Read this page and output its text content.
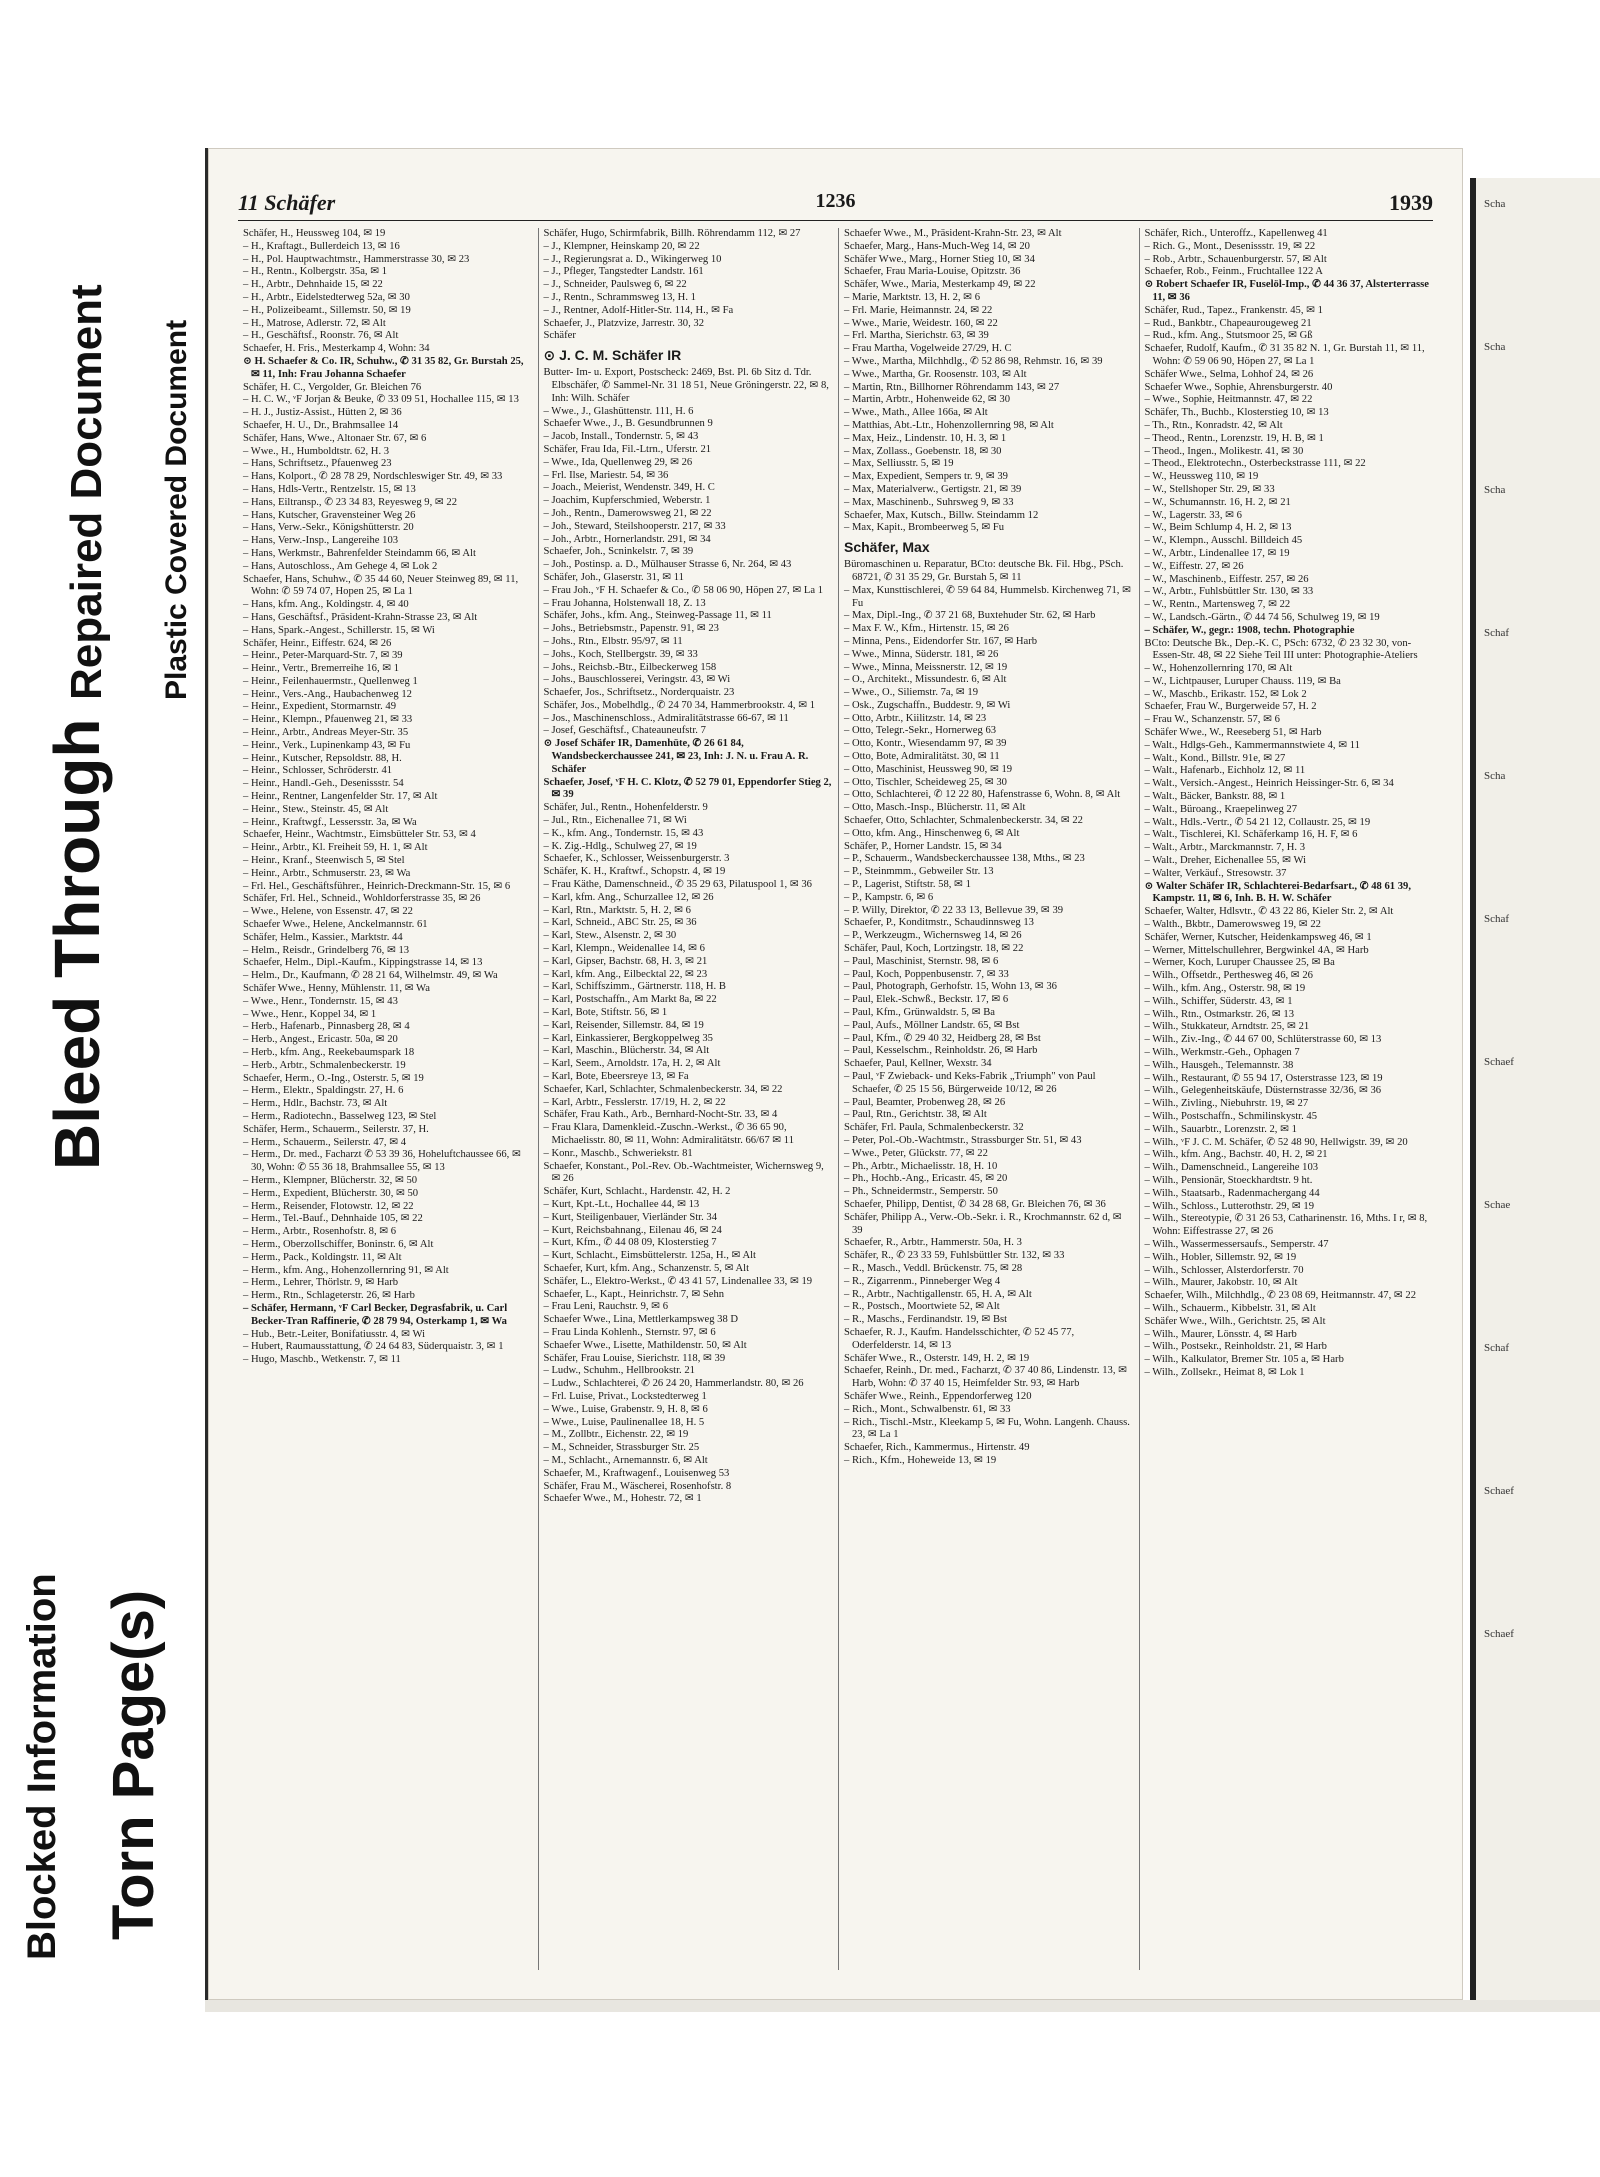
Blocked Information Torn Page(s)
Bleed Through
Repaired Document Plastic Covered Document
11 Schäfer	1236	1939

Schäfer, H., Heussweg 104, ✉ 19

– H., Kraftagt., Bullerdeich 13, ✉ 16

– H., Pol. Hauptwachtmstr., Hammerstrasse 30, ✉ 23

– H., Rentn., Kolbergstr. 35a, ✉ 1

– H., Arbtr., Dehnhaide 15, ✉ 22

– H., Arbtr., Eidelstedterweg 52a, ✉ 30

– H., Polizeibeamt., Sillemstr. 50, ✉ 19

– H., Matrose, Adlerstr. 72, ✉ Alt

– H., Geschäftsf., Roonstr. 76, ✉ Alt

Schaefer, H. Fris., Mesterkamp 4, Wohn: 34

⊙ H. Schaefer & Co. IR, Schuhw., ✆ 31 35 82, Gr. Burstah 25, ✉ 11, Inh: Frau Johanna Schaefer

Schäfer, H. C., Vergolder, Gr. Bleichen 76

– H. C. W., ᵛF Jorjan & Beuke, ✆ 33 09 51, Hochallee 115, ✉ 13

– H. J., Justiz-Assist., Hütten 2, ✉ 36

Schaefer, H. U., Dr., Brahmsallee 14

Schäfer, Hans, Wwe., Altonaer Str. 67, ✉ 6

– Wwe., H., Humboldtstr. 62, H. 3

– Hans, Schriftsetz., Pfauenweg 23

– Hans, Kolport., ✆ 28 78 29, Nordschleswiger Str. 49, ✉ 33

– Hans, Hdls-Vertr., Rentzelstr. 15, ✉ 13

– Hans, Eiltransp., ✆ 23 34 83, Reyesweg 9, ✉ 22

– Hans, Kutscher, Gravensteiner Weg 26

– Hans, Verw.-Sekr., Königshütterstr. 20

– Hans, Verw.-Insp., Langereihe 103

– Hans, Werkmstr., Bahrenfelder Steindamm 66, ✉ Alt

– Hans, Autoschloss., Am Gehege 4, ✉ Lok 2

Schaefer, Hans, Schuhw., ✆ 35 44 60, Neuer Steinweg 89, ✉ 11, Wohn: ✆ 59 74 07, Hopen 25, ✉ La 1

– Hans, kfm. Ang., Koldingstr. 4, ✉ 40

– Hans, Geschäftsf., Präsident-Krahn-Strasse 23, ✉ Alt

– Hans, Spark.-Angest., Schillerstr. 15, ✉ Wi

Schäfer, Heinr., Eiffestr. 624, ✉ 26

– Heinr., Peter-Marquard-Str. 7, ✉ 39

– Heinr., Vertr., Bremerreihe 16, ✉ 1

– Heinr., Feilenhauermstr., Quellenweg 1

– Heinr., Vers.-Ang., Haubachenweg 12

– Heinr., Expedient, Stormarnstr. 49

– Heinr., Klempn., Pfauenweg 21, ✉ 33

– Heinr., Arbtr., Andreas Meyer-Str. 35

– Heinr., Verk., Lupinenkamp 43, ✉ Fu

– Heinr., Kutscher, Repsoldstr. 88, H.

– Heinr., Schlosser, Schröderstr. 41

– Heinr., Handl.-Geh., Desenissstr. 54

– Heinr., Rentner, Langenfelder Str. 17, ✉ Alt

– Heinr., Stew., Steinstr. 45, ✉ Alt

– Heinr., Kraftwgf., Lessersstr. 3a, ✉ Wa

Schaefer, Heinr., Wachtmstr., Eimsbütteler Str. 53, ✉ 4

– Heinr., Arbtr., Kl. Freiheit 59, H. 1, ✉ Alt

– Heinr., Kranf., Steenwisch 5, ✉ Stel

– Heinr., Arbtr., Schmuserstr. 23, ✉ Wa

– Frl. Hel., Geschäftsführer., Heinrich-Dreckmann-Str. 15, ✉ 6

Schäfer, Frl. Hel., Schneid., Wohldorferstrasse 35, ✉ 26

– Wwe., Helene, von Essenstr. 47, ✉ 22

Schaefer Wwe., Helene, Anckelmannstr. 61

Schäfer, Helm., Kassier., Marktstr. 44

– Helm., Reisdr., Grindelberg 76, ✉ 13

Schaefer, Helm., Dipl.-Kaufm., Kippingstrasse 14, ✉ 13

– Helm., Dr., Kaufmann, ✆ 28 21 64, Wilhelmstr. 49, ✉ Wa

Schäfer Wwe., Henny, Mühlenstr. 11, ✉ Wa

– Wwe., Henr., Tondernstr. 15, ✉ 43

– Wwe., Henr., Koppel 34, ✉ 1

– Herb., Hafenarb., Pinnasberg 28, ✉ 4

– Herb., Angest., Ericastr. 50a, ✉ 20

– Herb., kfm. Ang., Reekebaumspark 18

– Herb., Arbtr., Schmalenbeckerstr. 19

Schaefer, Herm., O.-Ing., Osterstr. 5, ✉ 19

– Herm., Elektr., Spaldingstr. 27, H. 6

– Herm., Hdlr., Bachstr. 73, ✉ Alt

– Herm., Radiotechn., Basselweg 123, ✉ Stel

Schäfer, Herm., Schauerm., Seilerstr. 37, H.

– Herm., Schauerm., Seilerstr. 47, ✉ 4

– Herm., Dr. med., Facharzt ✆ 53 39 36, Hoheluftchaussee 66, ✉ 30, Wohn: ✆ 55 36 18, Brahmsallee 55, ✉ 13

– Herm., Klempner, Blücherstr. 32, ✉ 50

– Herm., Expedient, Blücherstr. 30, ✉ 50

– Herm., Reisender, Flotowstr. 12, ✉ 22

– Herm., Tel.-Bauf., Dehnhaide 105, ✉ 22

– Herm., Arbtr., Rosenhofstr. 8, ✉ 6

– Herm., Oberzollschiffer, Boninstr. 6, ✉ Alt

– Herm., Pack., Koldingstr. 11, ✉ Alt

– Herm., kfm. Ang., Hohenzollernring 91, ✉ Alt

– Herm., Lehrer, Thörlstr. 9, ✉ Harb

– Herm., Rtn., Schlageterstr. 26, ✉ Harb

– Schäfer, Hermann, ᵛF Carl Becker, Degrasfabrik, u. Carl Becker-Tran Raffinerie, ✆ 28 79 94, Osterkamp 1, ✉ Wa

– Hub., Betr.-Leiter, Bonifatiusstr. 4, ✉ Wi

– Hubert, Raumausstattung, ✆ 24 64 83, Süderquaistr. 3, ✉ 1

– Hugo, Maschb., Wetkenstr. 7, ✉ 11

Schäfer, Hugo, Schirmfabrik, Billh. Röhrendamm 112, ✉ 27

– J., Klempner, Heinskamp 20, ✉ 22

– J., Regierungsrat a. D., Wikingerweg 10

– J., Pfleger, Tangstedter Landstr. 161

– J., Schneider, Paulsweg 6, ✉ 22

– J., Rentn., Schrammsweg 13, H. 1

– J., Rentner, Adolf-Hitler-Str. 114, H., ✉ Fa

Schaefer, J., Platzvize, Jarrestr. 30, 32

Schäfer

⊙ J. C. M. Schäfer IR

Butter- Im- u. Export, Postscheck: 2469, Bst. Pl. 6b Sitz d. Tdr. Elbschäfer, ✆ Sammel-Nr. 31 18 51, Neue Gröningerstr. 22, ✉ 8, Inh: Wilh. Schäfer

– Wwe., J., Glashüttenstr. 111, H. 6

Schaefer Wwe., J., B. Gesundbrunnen 9

– Jacob, Install., Tondernstr. 5, ✉ 43

Schäfer, Frau Ida, Fil.-Ltrn., Uferstr. 21

– Wwe., Ida, Quellenweg 29, ✉ 26

– Frl. Ilse, Mariestr. 54, ✉ 36

– Joach., Meierist, Wendenstr. 349, H. C

– Joachim, Kupferschmied, Weberstr. 1

– Joh., Rentn., Damerowsweg 21, ✉ 22

– Joh., Steward, Steilshooperstr. 217, ✉ 33

– Joh., Arbtr., Hornerlandstr. 291, ✉ 34

Schaefer, Joh., Scninkelstr. 7, ✉ 39

– Joh., Postinsp. a. D., Mülhauser Strasse 6, Nr. 264, ✉ 43

Schäfer, Joh., Glaserstr. 31, ✉ 11

– Frau Joh., ᵛF H. Schaefer & Co., ✆ 58 06 90, Höpen 27, ✉ La 1

– Frau Johanna, Holstenwall 18, Z. 13

Schäfer, Johs., kfm. Ang., Steinweg-Passage 11, ✉ 11

– Johs., Betriebsmstr., Papenstr. 91, ✉ 23

– Johs., Rtn., Elbstr. 95/97, ✉ 11

– Johs., Koch, Stellbergstr. 39, ✉ 33

– Johs., Reichsb.-Btr., Eilbeckerweg 158

– Johs., Bauschlosserei, Veringstr. 43, ✉ Wi

Schaefer, Jos., Schriftsetz., Norderquaistr. 23

Schäfer, Jos., Mobelhdlg., ✆ 24 70 34, Hammerbrookstr. 4, ✉ 1

– Jos., Maschinenschloss., Admiralitätstrasse 66-67, ✉ 11

– Josef, Geschäftsf., Chateauneufstr. 7

⊙ Josef Schäfer IR, Damenhüte, ✆ 26 61 84, Wandsbeckerchaussee 241, ✉ 23, Inh: J. N. u. Frau A. R. Schäfer

Schaefer, Josef, ᵛF H. C. Klotz, ✆ 52 79 01, Eppendorfer Stieg 2, ✉ 39

Schäfer, Jul., Rentn., Hohenfelderstr. 9

– Jul., Rtn., Eichenallee 71, ✉ Wi

– K., kfm. Ang., Tondernstr. 15, ✉ 43

– K. Zig.-Hdlg., Schulweg 27, ✉ 19

Schaefer, K., Schlosser, Weissenburgerstr. 3

Schäfer, K. H., Kraftwf., Schopstr. 4, ✉ 19

– Frau Käthe, Damenschneid., ✆ 35 29 63, Pilatuspool 1, ✉ 36

– Karl, kfm. Ang., Schurzallee 12, ✉ 26

– Karl, Rtn., Marktstr. 5, H. 2, ✉ 6

– Karl, Schneid., ABC Str. 25, ✉ 36

– Karl, Stew., Alsenstr. 2, ✉ 30

– Karl, Klempn., Weidenallee 14, ✉ 6

– Karl, Gipser, Bachstr. 68, H. 3, ✉ 21

– Karl, kfm. Ang., Eilbecktal 22, ✉ 23

– Karl, Schiffszimm., Gärtnerstr. 118, H. B

– Karl, Postschaffn., Am Markt 8a, ✉ 22

– Karl, Bote, Stiftstr. 56, ✉ 1

– Karl, Reisender, Sillemstr. 84, ✉ 19

– Karl, Einkassierer, Bergkoppelweg 35

– Karl, Maschin., Blücherstr. 34, ✉ Alt

– Karl, Seem., Arnoldstr. 17a, H. 2, ✉ Alt

– Karl, Bote, Ebeersreye 13, ✉ Fa

Schaefer, Karl, Schlachter, Schmalenbeckerstr. 34, ✉ 22

– Karl, Arbtr., Fesslerstr. 17/19, H. 2, ✉ 22

Schäfer, Frau Kath., Arb., Bernhard-Nocht-Str. 33, ✉ 4

– Frau Klara, Damenkleid.-Zuschn.-Werkst., ✆ 36 65 90, Michaelisstr. 80, ✉ 11, Wohn: Admiralitätstr. 66/67 ✉ 11

– Konr., Maschb., Schweriekstr. 81

Schaefer, Konstant., Pol.-Rev. Ob.-Wachtmeister, Wichernsweg 9, ✉ 26

Schäfer, Kurt, Schlacht., Hardenstr. 42, H. 2

– Kurt, Kpt.-Lt., Hochallee 44, ✉ 13

– Kurt, Steiligenbauer, Vierländer Str. 34

– Kurt, Reichsbahnang., Eilenau 46, ✉ 24

– Kurt, Kfm., ✆ 44 08 09, Klosterstieg 7

– Kurt, Schlacht., Eimsbüttelerstr. 125a, H., ✉ Alt

Schaefer, Kurt, kfm. Ang., Schanzenstr. 5, ✉ Alt

Schäfer, L., Elektro-Werkst., ✆ 43 41 57, Lindenallee 33, ✉ 19

Schaefer, L., Kapt., Heinrichstr. 7, ✉ Sehn

– Frau Leni, Rauchstr. 9, ✉ 6

Schaefer Wwe., Lina, Mettlerkampsweg 38 D

– Frau Linda Kohlenh., Sternstr. 97, ✉ 6

Schaefer Wwe., Lisette, Mathildenstr. 50, ✉ Alt

Schäfer, Frau Louise, Sierichstr. 118, ✉ 39

– Ludw., Schuhm., Hellbrookstr. 21

– Ludw., Schlachterei, ✆ 26 24 20, Hammerlandstr. 80, ✉ 26

– Frl. Luise, Privat., Lockstedterweg 1

– Wwe., Luise, Grabenstr. 9, H. 8, ✉ 6

– Wwe., Luise, Paulinenallee 18, H. 5

– M., Zollbtr., Eichenstr. 22, ✉ 19

– M., Schneider, Strassburger Str. 25

– M., Schlacht., Arnemannstr. 6, ✉ Alt

Schaefer, M., Kraftwagenf., Louisenweg 53

Schäfer, Frau M., Wäscherei, Rosenhofstr. 8

Schaefer Wwe., M., Hohestr. 72, ✉ 1

Schaefer Wwe., M., Präsident-Krahn-Str. 23, ✉ Alt

Schaefer, Marg., Hans-Much-Weg 14, ✉ 20

Schäfer Wwe., Marg., Horner Stieg 10, ✉ 34

Schaefer, Frau Maria-Louise, Opitzstr. 36

Schäfer, Wwe., Maria, Mesterkamp 49, ✉ 22

– Marie, Marktstr. 13, H. 2, ✉ 6

– Frl. Marie, Heimannstr. 24, ✉ 22

– Wwe., Marie, Weidestr. 160, ✉ 22

– Frl. Martha, Sierichstr. 63, ✉ 39

– Frau Martha, Vogelweide 27/29, H. C

– Wwe., Martha, Milchhdlg., ✆ 52 86 98, Rehmstr. 16, ✉ 39

– Wwe., Martha, Gr. Roosenstr. 103, ✉ Alt

– Martin, Rtn., Billhorner Röhrendamm 143, ✉ 27

– Martin, Arbtr., Hohenweide 62, ✉ 30

– Wwe., Math., Allee 166a, ✉ Alt

– Matthias, Abt.-Ltr., Hohenzollernring 98, ✉ Alt

– Max, Heiz., Lindenstr. 10, H. 3, ✉ 1

– Max, Zollass., Goebenstr. 18, ✉ 30

– Max, Selliusstr. 5, ✉ 19

– Max, Expedient, Sempers tr. 9, ✉ 39

– Max, Materialverw., Gertigstr. 21, ✉ 39

– Max, Maschinenb., Suhrsweg 9, ✉ 33

Schaefer, Max, Kutsch., Billw. Steindamm 12

– Max, Kapit., Brombeerweg 5, ✉ Fu

Schäfer, Max

Büromaschinen u. Reparatur, BCto: deutsche Bk. Fil. Hbg., PSch. 68721, ✆ 31 35 29, Gr. Burstah 5, ✉ 11

– Max, Kunsttischlerei, ✆ 59 64 84, Hummelsb. Kirchenweg 71, ✉ Fu

– Max, Dipl.-Ing., ✆ 37 21 68, Buxtehuder Str. 62, ✉ Harb

– Max F. W., Kfm., Hirtenstr. 15, ✉ 26

– Minna, Pens., Eidendorfer Str. 167, ✉ Harb

– Wwe., Minna, Süderstr. 181, ✉ 26

– Wwe., Minna, Meissnerstr. 12, ✉ 19

– O., Architekt., Missundestr. 6, ✉ Alt

– Wwe., O., Siliemstr. 7a, ✉ 19

– Osk., Zugschaffn., Buddestr. 9, ✉ Wi

– Otto, Arbtr., Kiilitzstr. 14, ✉ 23

– Otto, Telegr.-Sekr., Hornerweg 63

– Otto, Kontr., Wiesendamm 97, ✉ 39

– Otto, Bote, Admiralitätst. 30, ✉ 11

– Otto, Maschinist, Heussweg 90, ✉ 19

– Otto, Tischler, Scheideweg 25, ✉ 30

– Otto, Schlachterei, ✆ 12 22 80, Hafenstrasse 6, Wohn. 8, ✉ Alt

– Otto, Masch.-Insp., Blücherstr. 11, ✉ Alt

Schaefer, Otto, Schlachter, Schmalenbeckerstr. 34, ✉ 22

– Otto, kfm. Ang., Hinschenweg 6, ✉ Alt

Schäfer, P., Horner Landstr. 15, ✉ 34

– P., Schauerm., Wandsbeckerchaussee 138, Mths., ✉ 23

– P., Steinmmm., Gebweiler Str. 13

– P., Lagerist, Stiftstr. 58, ✉ 1

– P., Kampstr. 6, ✉ 6

– P. Willy, Direktor, ✆ 22 33 13, Bellevue 39, ✉ 39

Schaefer, P., Konditmstr., Schaudinnsweg 13

– P., Werkzeugm., Wichernsweg 14, ✉ 26

Schäfer, Paul, Koch, Lortzingstr. 18, ✉ 22

– Paul, Maschinist, Sternstr. 98, ✉ 6

– Paul, Koch, Poppenbusenstr. 7, ✉ 33

– Paul, Photograph, Gerhofstr. 15, Wohn 13, ✉ 36

– Paul, Elek.-Schwß., Beckstr. 17, ✉ 6

– Paul, Kfm., Grünwaldstr. 5, ✉ Ba

– Paul, Aufs., Möllner Landstr. 65, ✉ Bst

– Paul, Kfm., ✆ 29 40 32, Heidberg 28, ✉ Bst

– Paul, Kesselschm., Reinholdstr. 26, ✉ Harb

Schaefer, Paul, Kellner, Wexstr. 34

– Paul, ᵛF Zwieback- und Keks-Fabrik „Triumph" von Paul Schaefer, ✆ 25 15 56, Bürgerweide 10/12, ✉ 26

– Paul, Beamter, Probenweg 28, ✉ 26

– Paul, Rtn., Gerichtstr. 38, ✉ Alt

Schäfer, Frl. Paula, Schmalenbeckerstr. 32

– Peter, Pol.-Ob.-Wachtmstr., Strassburger Str. 51, ✉ 43

– Wwe., Peter, Glückstr. 77, ✉ 22

– Ph., Arbtr., Michaelisstr. 18, H. 10

– Ph., Hochb.-Ang., Ericastr. 45, ✉ 20

– Ph., Schneidermstr., Semperstr. 50

Schaefer, Philipp, Dentist, ✆ 34 28 68, Gr. Bleichen 76, ✉ 36

Schäfer, Philipp A., Verw.-Ob.-Sekr. i. R., Krochmannstr. 62 d, ✉ 39

Schaefer, R., Arbtr., Hammerstr. 50a, H. 3

Schäfer, R., ✆ 23 33 59, Fuhlsbüttler Str. 132, ✉ 33

– R., Masch., Veddl. Brückenstr. 75, ✉ 28

– R., Zigarrenm., Pinneberger Weg 4

– R., Arbtr., Nachtigallenstr. 65, H. A, ✉ Alt

– R., Postsch., Moortwiete 52, ✉ Alt

– R., Maschs., Ferdinandstr. 19, ✉ Bst

Schaefer, R. J., Kaufm. Handelsschichter, ✆ 52 45 77, Oderfelderstr. 14, ✉ 13

Schäfer Wwe., R., Osterstr. 149, H. 2, ✉ 19

Schaefer, Reinh., Dr. med., Facharzt, ✆ 37 40 86, Lindenstr. 13, ✉ Harb, Wohn: ✆ 37 40 15, Heimfelder Str. 93, ✉ Harb

Schäfer Wwe., Reinh., Eppendorferweg 120

– Rich., Mont., Schwalbenstr. 61, ✉ 33

– Rich., Tischl.-Mstr., Kleekamp 5, ✉ Fu, Wohn. Langenh. Chauss. 23, ✉ La 1

Schaefer, Rich., Kammermus., Hirtenstr. 49

– Rich., Kfm., Hoheweide 13, ✉ 19

Schäfer, Rich., Unteroffz., Kapellenweg 41

– Rich. G., Mont., Desenissstr. 19, ✉ 22

– Rob., Arbtr., Schauenburgerstr. 57, ✉ Alt

Schaefer, Rob., Feinm., Fruchtallee 122 A

⊙ Robert Schaefer IR, Fuselöl-Imp., ✆ 44 36 37, Alsterterrasse 11, ✉ 36

Schäfer, Rud., Tapez., Frankenstr. 45, ✉ 1

– Rud., Bankbtr., Chapeaurougeweg 21

– Rud., kfm. Ang., Stutsmoor 25, ✉ Gß

Schaefer, Rudolf, Kaufm., ✆ 31 35 82 N. 1, Gr. Burstah 11, ✉ 11, Wohn: ✆ 59 06 90, Höpen 27, ✉ La 1

Schäfer Wwe., Selma, Lohhof 24, ✉ 26

Schaefer Wwe., Sophie, Ahrensburgerstr. 40

– Wwe., Sophie, Heitmannstr. 47, ✉ 22

Schäfer, Th., Buchb., Klosterstieg 10, ✉ 13

– Th., Rtn., Konradstr. 42, ✉ Alt

– Theod., Rentn., Lorenzstr. 19, H. B, ✉ 1

– Theod., Ingen., Molikestr. 41, ✉ 30

– Theod., Elektrotechn., Osterbeckstrasse 111, ✉ 22

– W., Heussweg 110, ✉ 19

– W., Stellshoper Str. 29, ✉ 33

– W., Schumannstr. 16, H. 2, ✉ 21

– W., Lagerstr. 33, ✉ 6

– W., Beim Schlump 4, H. 2, ✉ 13

– W., Klempn., Ausschl. Billdeich 45

– W., Arbtr., Lindenallee 17, ✉ 19

– W., Eiffestr. 27, ✉ 26

– W., Maschinenb., Eiffestr. 257, ✉ 26

– W., Arbtr., Fuhlsbüttler Str. 130, ✉ 33

– W., Rentn., Martensweg 7, ✉ 22

– W., Landsch.-Gärtn., ✆ 44 74 56, Schulweg 19, ✉ 19

– Schäfer, W., gegr.: 1908, techn. Photographie

BCto: Deutsche Bk., Dep.-K. C, PSch: 6732, ✆ 23 32 30, von-Essen-Str. 48, ✉ 22 Siehe Teil III unter: Photographie-Ateliers

– W., Hohenzollernring 170, ✉ Alt

– W., Lichtpauser, Luruper Chauss. 119, ✉ Ba

– W., Maschb., Erikastr. 152, ✉ Lok 2

Schaefer, Frau W., Burgerweide 57, H. 2

– Frau W., Schanzenstr. 57, ✉ 6

Schäfer Wwe., W., Reeseberg 51, ✉ Harb

– Walt., Hdlgs-Geh., Kammermannstwiete 4, ✉ 11

– Walt., Kond., Billstr. 91e, ✉ 27

– Walt., Hafenarb., Eichholz 12, ✉ 11

– Walt., Versich.-Angest., Heinrich Heissinger-Str. 6, ✉ 34

– Walt., Bäcker, Bankstr. 88, ✉ 1

– Walt., Büroang., Kraepelinweg 27

– Walt., Hdls.-Vertr., ✆ 54 21 12, Collaustr. 25, ✉ 19

– Walt., Tischlerei, Kl. Schäferkamp 16, H. F, ✉ 6

– Walt., Arbtr., Marckmannstr. 7, H. 3

– Walt., Dreher, Eichenallee 55, ✉ Wi

– Walter, Verkäuf., Stresowstr. 37

⊙ Walter Schäfer IR, Schlachterei-Bedarfsart., ✆ 48 61 39, Kampstr. 11, ✉ 6, Inh. B. H. W. Schäfer

Schaefer, Walter, Hdlsvtr., ✆ 43 22 86, Kieler Str. 2, ✉ Alt

– Walth., Bkbtr., Damerowsweg 19, ✉ 22

Schäfer, Werner, Kutscher, Heidenkampsweg 46, ✉ 1

– Werner, Mittelschullehrer, Bergwinkel 4A, ✉ Harb

– Werner, Koch, Luruper Chaussee 25, ✉ Ba

– Wilh., Offsetdr., Perthesweg 46, ✉ 26

– Wilh., kfm. Ang., Osterstr. 98, ✉ 19

– Wilh., Schiffer, Süderstr. 43, ✉ 1

– Wilh., Rtn., Ostmarkstr. 26, ✉ 13

– Wilh., Stukkateur, Arndtstr. 25, ✉ 21

– Wilh., Ziv.-Ing., ✆ 44 67 00, Schlüterstrasse 60, ✉ 13

– Wilh., Werkmstr.-Geh., Ophagen 7

– Wilh., Hausgeh., Telemannstr. 38

– Wilh., Restaurant, ✆ 55 94 17, Osterstrasse 123, ✉ 19

– Wilh., Gelegenheitskäufe, Düsternstrasse 32/36, ✉ 36

– Wilh., Zivling., Niebuhrstr. 19, ✉ 27

– Wilh., Postschaffn., Schmilinskystr. 45

– Wilh., Sauarbtr., Lorenzstr. 2, ✉ 1

– Wilh., ᵛF J. C. M. Schäfer, ✆ 52 48 90, Hellwigstr. 39, ✉ 20

– Wilh., kfm. Ang., Bachstr. 40, H. 2, ✉ 21

– Wilh., Damenschneid., Langereihe 103

– Wilh., Pensionär, Stoeckhardtstr. 9 ht.

– Wilh., Staatsarb., Radenmachergang 44

– Wilh., Schloss., Lutterothstr. 29, ✉ 19

– Wilh., Stereotypie, ✆ 31 26 53, Catharinenstr. 16, Mths. I r, ✉ 8, Wohn: Eiffestrasse 27, ✉ 26

– Wilh., Wassermessersaufs., Semperstr. 47

– Wilh., Hobler, Sillemstr. 92, ✉ 19

– Wilh., Schlosser, Alsterdorferstr. 70

– Wilh., Maurer, Jakobstr. 10, ✉ Alt

Schaefer, Wilh., Milchhdlg., ✆ 23 08 69, Heitmannstr. 47, ✉ 22

– Wilh., Schauerm., Kibbelstr. 31, ✉ Alt

Schäfer Wwe., Wilh., Gerichtstr. 25, ✉ Alt

– Wilh., Maurer, Lönsstr. 4, ✉ Harb

– Wilh., Postsekr., Reinholdstr. 21, ✉ Harb

– Wilh., Kalkulator, Bremer Str. 105 a, ✉ Harb

– Wilh., Zollsekr., Heimat 8, ✉ Lok 1

Scha
Scha
Scha
Schaf
Scha
Schaf
Schaef
Schae
Schaf
Schaef
Schaef
